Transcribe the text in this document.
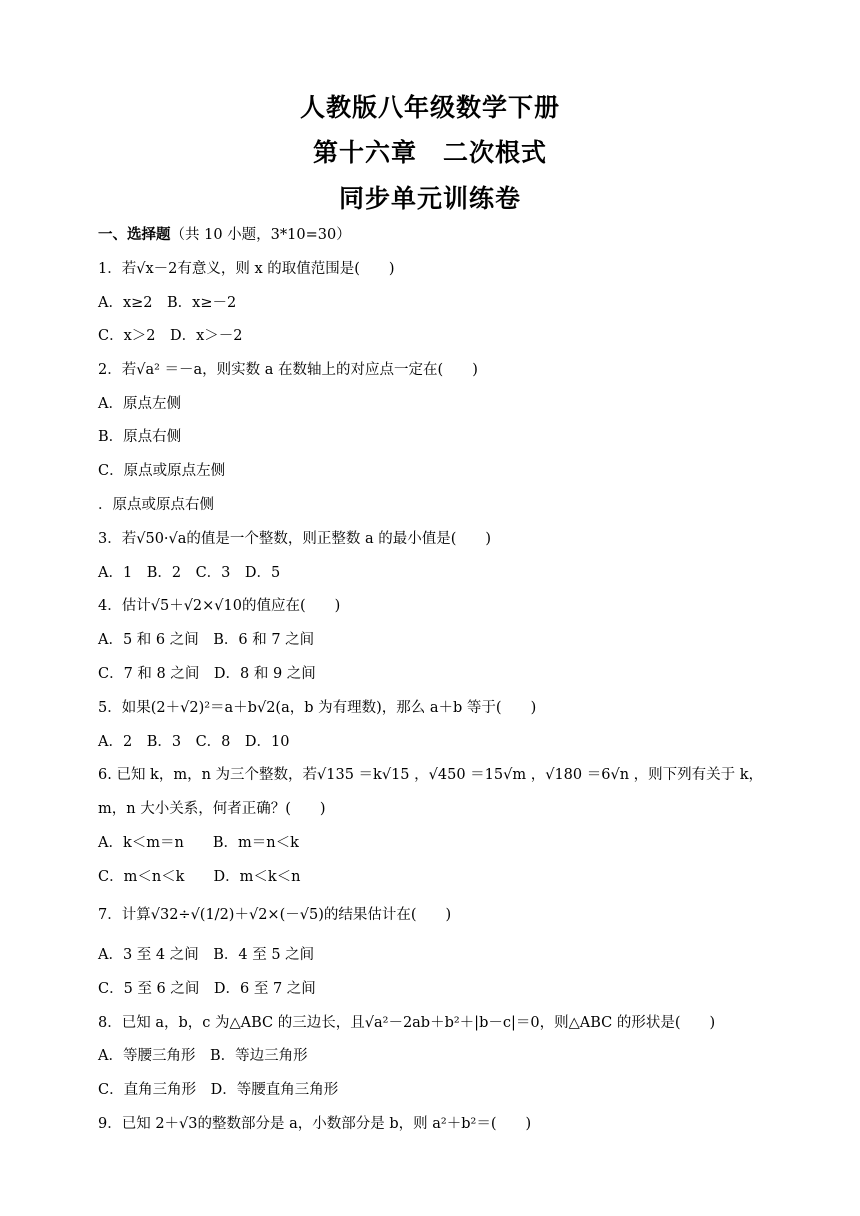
人教版八年级数学下册
第十六章　二次根式
同步单元训练卷
一、选择题（共 10 小题，3*10=30）
1．若√x－2有意义，则 x 的取值范围是(　　)
A．x≥2　B．x≥－2
C．x＞2　D．x＞－2
2．若√a² ＝－a，则实数 a 在数轴上的对应点一定在(　　)
A．原点左侧
B．原点右侧
C．原点或原点左侧
．原点或原点右侧
3．若√50·√a的值是一个整数，则正整数 a 的最小值是(　　)
A．1　B．2　C．3　D．5
4．估计√5＋√2×√10的值应在(　　)
A．5 和 6 之间　B．6 和 7 之间
C．7 和 8 之间　D．8 和 9 之间
5．如果(2＋√2)²＝a＋b√2(a，b 为有理数)，那么 a＋b 等于(　　)
A．2　B．3　C．8　D．10
6. 已知 k，m，n 为三个整数，若√135 ＝k√15 ，√450 ＝15√m ，√180 ＝6√n ，则下列有关于 k，
m，n 大小关系，何者正确？(　　)
A．k＜m＝n　　B．m＝n＜k
C．m＜n＜k　　D．m＜k＜n
7．计算√32÷√(1/2)＋√2×(－√5)的结果估计在(　　)
A．3 至 4 之间　B．4 至 5 之间
C．5 至 6 之间　D．6 至 7 之间
8．已知 a，b，c 为△ABC 的三边长，且√a²－2ab＋b²＋|b－c|＝0，则△ABC 的形状是(　　)
A．等腰三角形　B．等边三角形
C．直角三角形　D．等腰直角三角形
9．已知 2＋√3的整数部分是 a，小数部分是 b，则 a²＋b²＝(　　)
